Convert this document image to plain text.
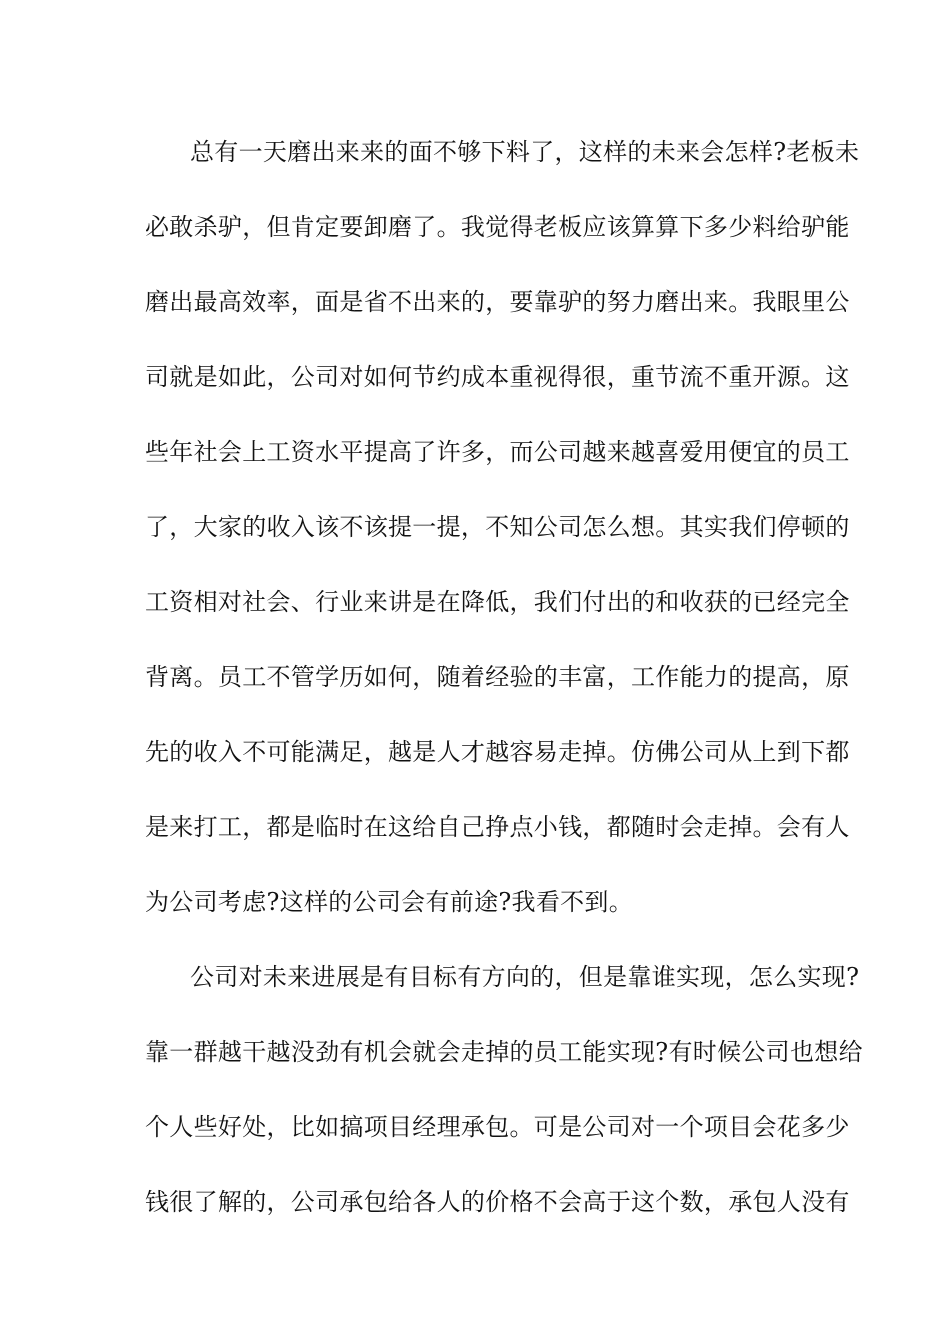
总有一天磨出来来的面不够下料了，这样的未来会怎样?老板未
必敢杀驴，但肯定要卸磨了。我觉得老板应该算算下多少料给驴能
磨出最高效率，面是省不出来的，要靠驴的努力磨出来。我眼里公
司就是如此，公司对如何节约成本重视得很，重节流不重开源。这
些年社会上工资水平提高了许多，而公司越来越喜爱用便宜的员工
了，大家的收入该不该提一提，不知公司怎么想。其实我们停顿的
工资相对社会、行业来讲是在降低，我们付出的和收获的已经完全
背离。员工不管学历如何，随着经验的丰富，工作能力的提高，原
先的收入不可能满足，越是人才越容易走掉。仿佛公司从上到下都
是来打工，都是临时在这给自己挣点小钱，都随时会走掉。会有人
为公司考虑?这样的公司会有前途?我看不到。
公司对未来进展是有目标有方向的，但是靠谁实现，怎么实现?
靠一群越干越没劲有机会就会走掉的员工能实现?有时候公司也想给
个人些好处，比如搞项目经理承包。可是公司对一个项目会花多少
钱很了解的，公司承包给各人的价格不会高于这个数，承包人没有
